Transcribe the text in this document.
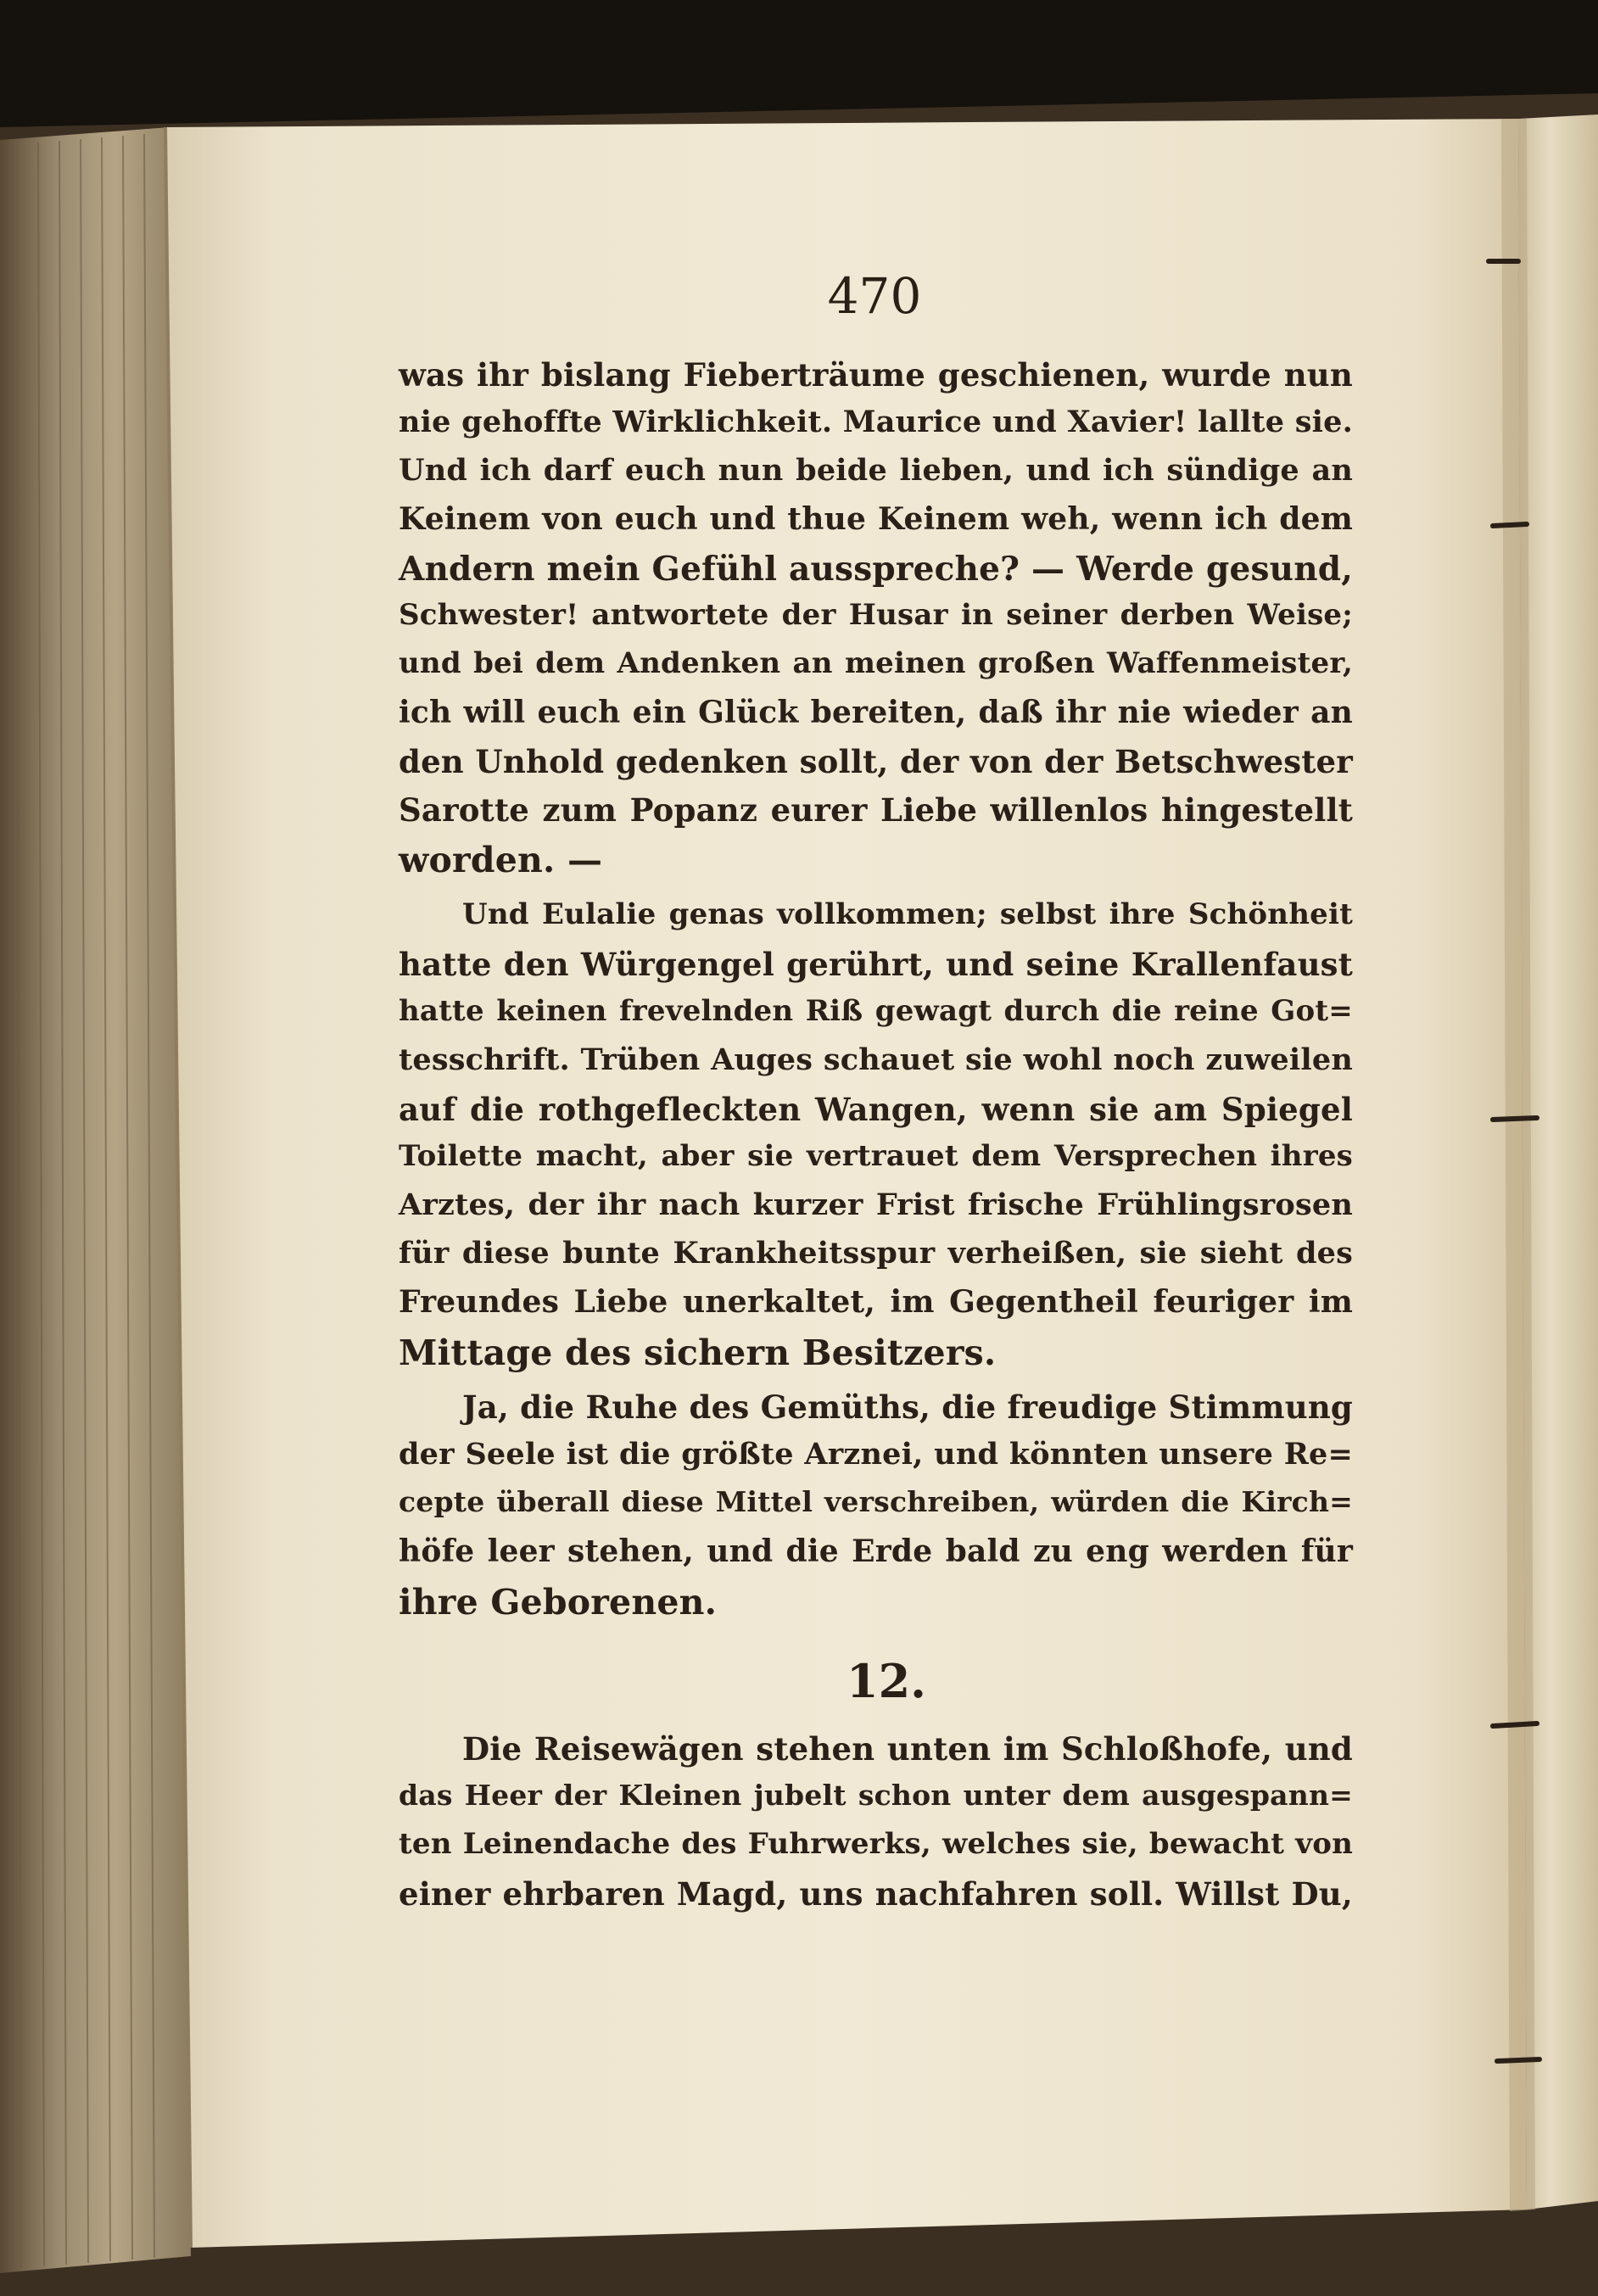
470
was ihr bislang Fieberträume geschienen, wurde nun
nie gehoffte Wirklichkeit. Maurice und Xavier! lallte sie.
Und ich darf euch nun beide lieben, und ich sündige an
Keinem von euch und thue Keinem weh, wenn ich dem
Andern mein Gefühl ausspreche? — Werde gesund,
Schwester! antwortete der Husar in seiner derben Weise;
und bei dem Andenken an meinen großen Waffenmeister,
ich will euch ein Glück bereiten, daß ihr nie wieder an
den Unhold gedenken sollt, der von der Betschwester
Sarotte zum Popanz eurer Liebe willenlos hingestellt
worden. —
Und Eulalie genas vollkommen; selbst ihre Schönheit
hatte den Würgengel gerührt, und seine Krallenfaust
hatte keinen frevelnden Riß gewagt durch die reine Got=
tesschrift. Trüben Auges schauet sie wohl noch zuweilen
auf die rothgefleckten Wangen, wenn sie am Spiegel
Toilette macht, aber sie vertrauet dem Versprechen ihres
Arztes, der ihr nach kurzer Frist frische Frühlingsrosen
für diese bunte Krankheitsspur verheißen, sie sieht des
Freundes Liebe unerkaltet, im Gegentheil feuriger im
Mittage des sichern Besitzers.
Ja, die Ruhe des Gemüths, die freudige Stimmung
der Seele ist die größte Arznei, und könnten unsere Re=
cepte überall diese Mittel verschreiben, würden die Kirch=
höfe leer stehen, und die Erde bald zu eng werden für
ihre Geborenen.
12.
Die Reisewägen stehen unten im Schloßhofe, und
das Heer der Kleinen jubelt schon unter dem ausgespann=
ten Leinendache des Fuhrwerks, welches sie, bewacht von
einer ehrbaren Magd, uns nachfahren soll. Willst Du,
